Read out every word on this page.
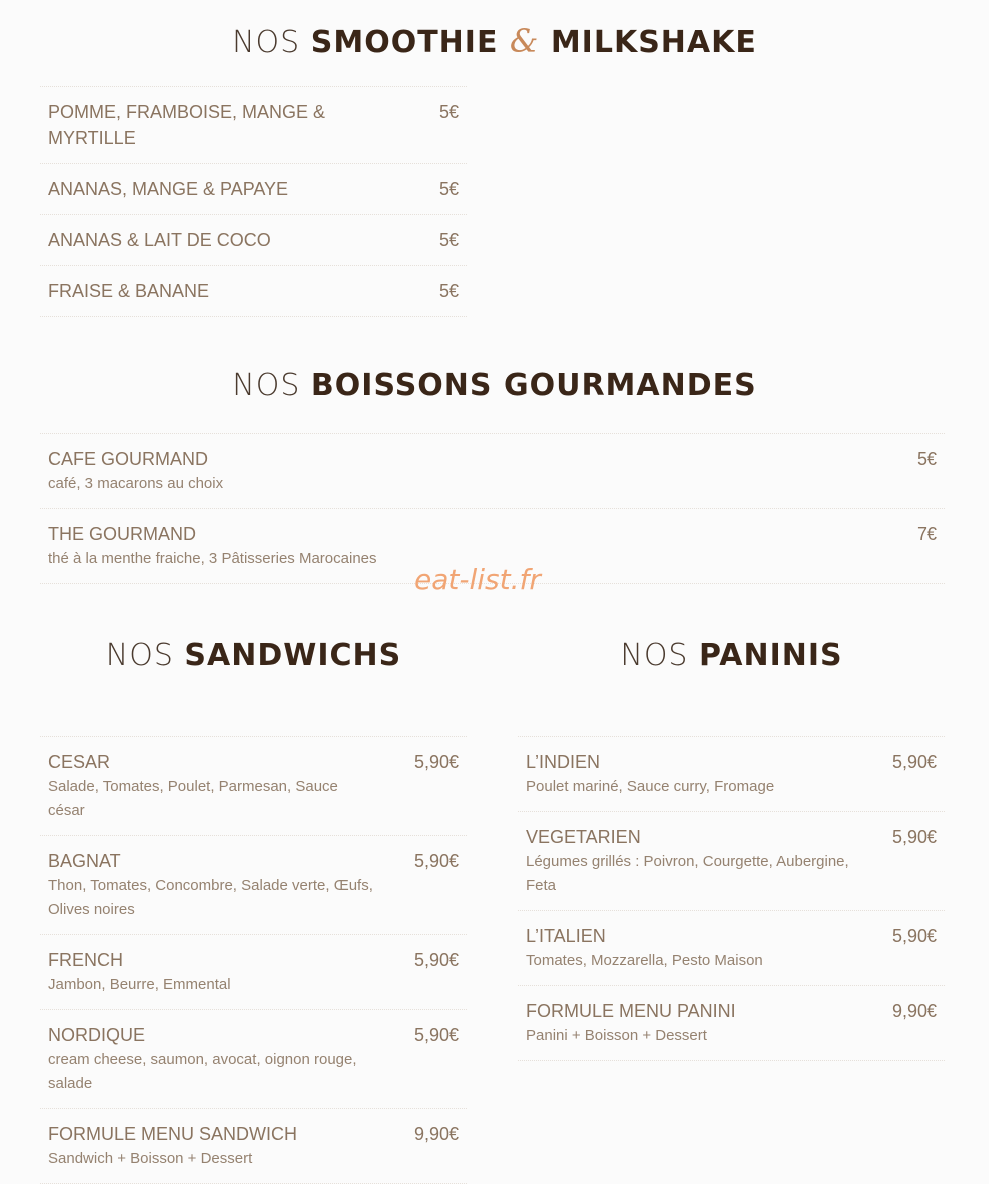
NOS SMOOTHIE & MILKSHAKE
POMME, FRAMBOISE, MANGE & MYRTILLE
5€
ANANAS, MANGE & PAPAYE	5€
ANANAS & LAIT DE COCO	5€
FRAISE & BANANE	5€
NOS BOISSONS GOURMANDES
CAFE GOURMAND
café, 3 macarons au choix
5€
THE GOURMAND
thé à la menthe fraiche, 3 Pâtisseries Marocaines
7€
eat-list.fr
NOS SANDWICHS
CESAR
Salade, Tomates, Poulet, Parmesan, Sauce césar
5,90€
BAGNAT
Thon, Tomates, Concombre, Salade verte, Œufs, Olives noires
5,90€
FRENCH
Jambon, Beurre, Emmental
5,90€
NORDIQUE
cream cheese, saumon, avocat, oignon rouge, salade
5,90€
FORMULE MENU SANDWICH
Sandwich + Boisson + Dessert
9,90€
NOS PANINIS
L’INDIEN
Poulet mariné, Sauce curry, Fromage
5,90€
VEGETARIEN
Légumes grillés : Poivron, Courgette, Aubergine, Feta
5,90€
L’ITALIEN
Tomates, Mozzarella, Pesto Maison
5,90€
FORMULE MENU PANINI
Panini + Boisson + Dessert
9,90€
